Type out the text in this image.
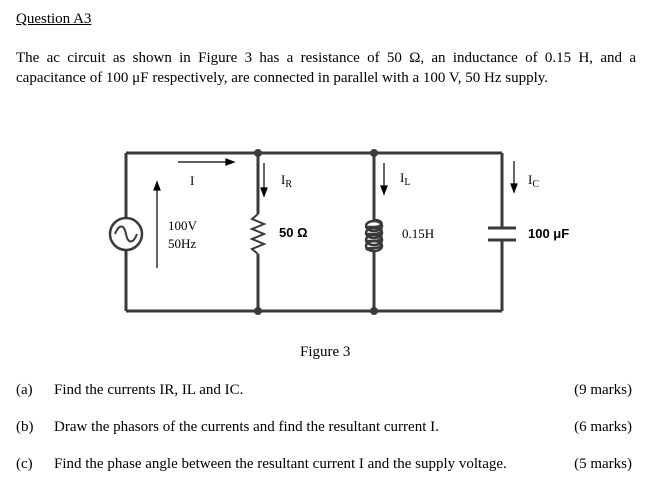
Question A3
The ac circuit as shown in Figure 3 has a resistance of 50 Ω, an inductance of 0.15 H, and a capacitance of 100 μF respectively, are connected in parallel with a 100 V, 50 Hz supply.
I
100V
50Hz
$I_R$	$I_L$	$I_C$
50 Ω	0.15H	100 μF
Figure 3
(a) Find the currents IR, IL and IC.	(9 marks)
(b) Draw the phasors of the currents and find the resultant current I.	(6 marks)
(c) Find the phase angle between the resultant current I and the supply voltage.	(5 marks)
